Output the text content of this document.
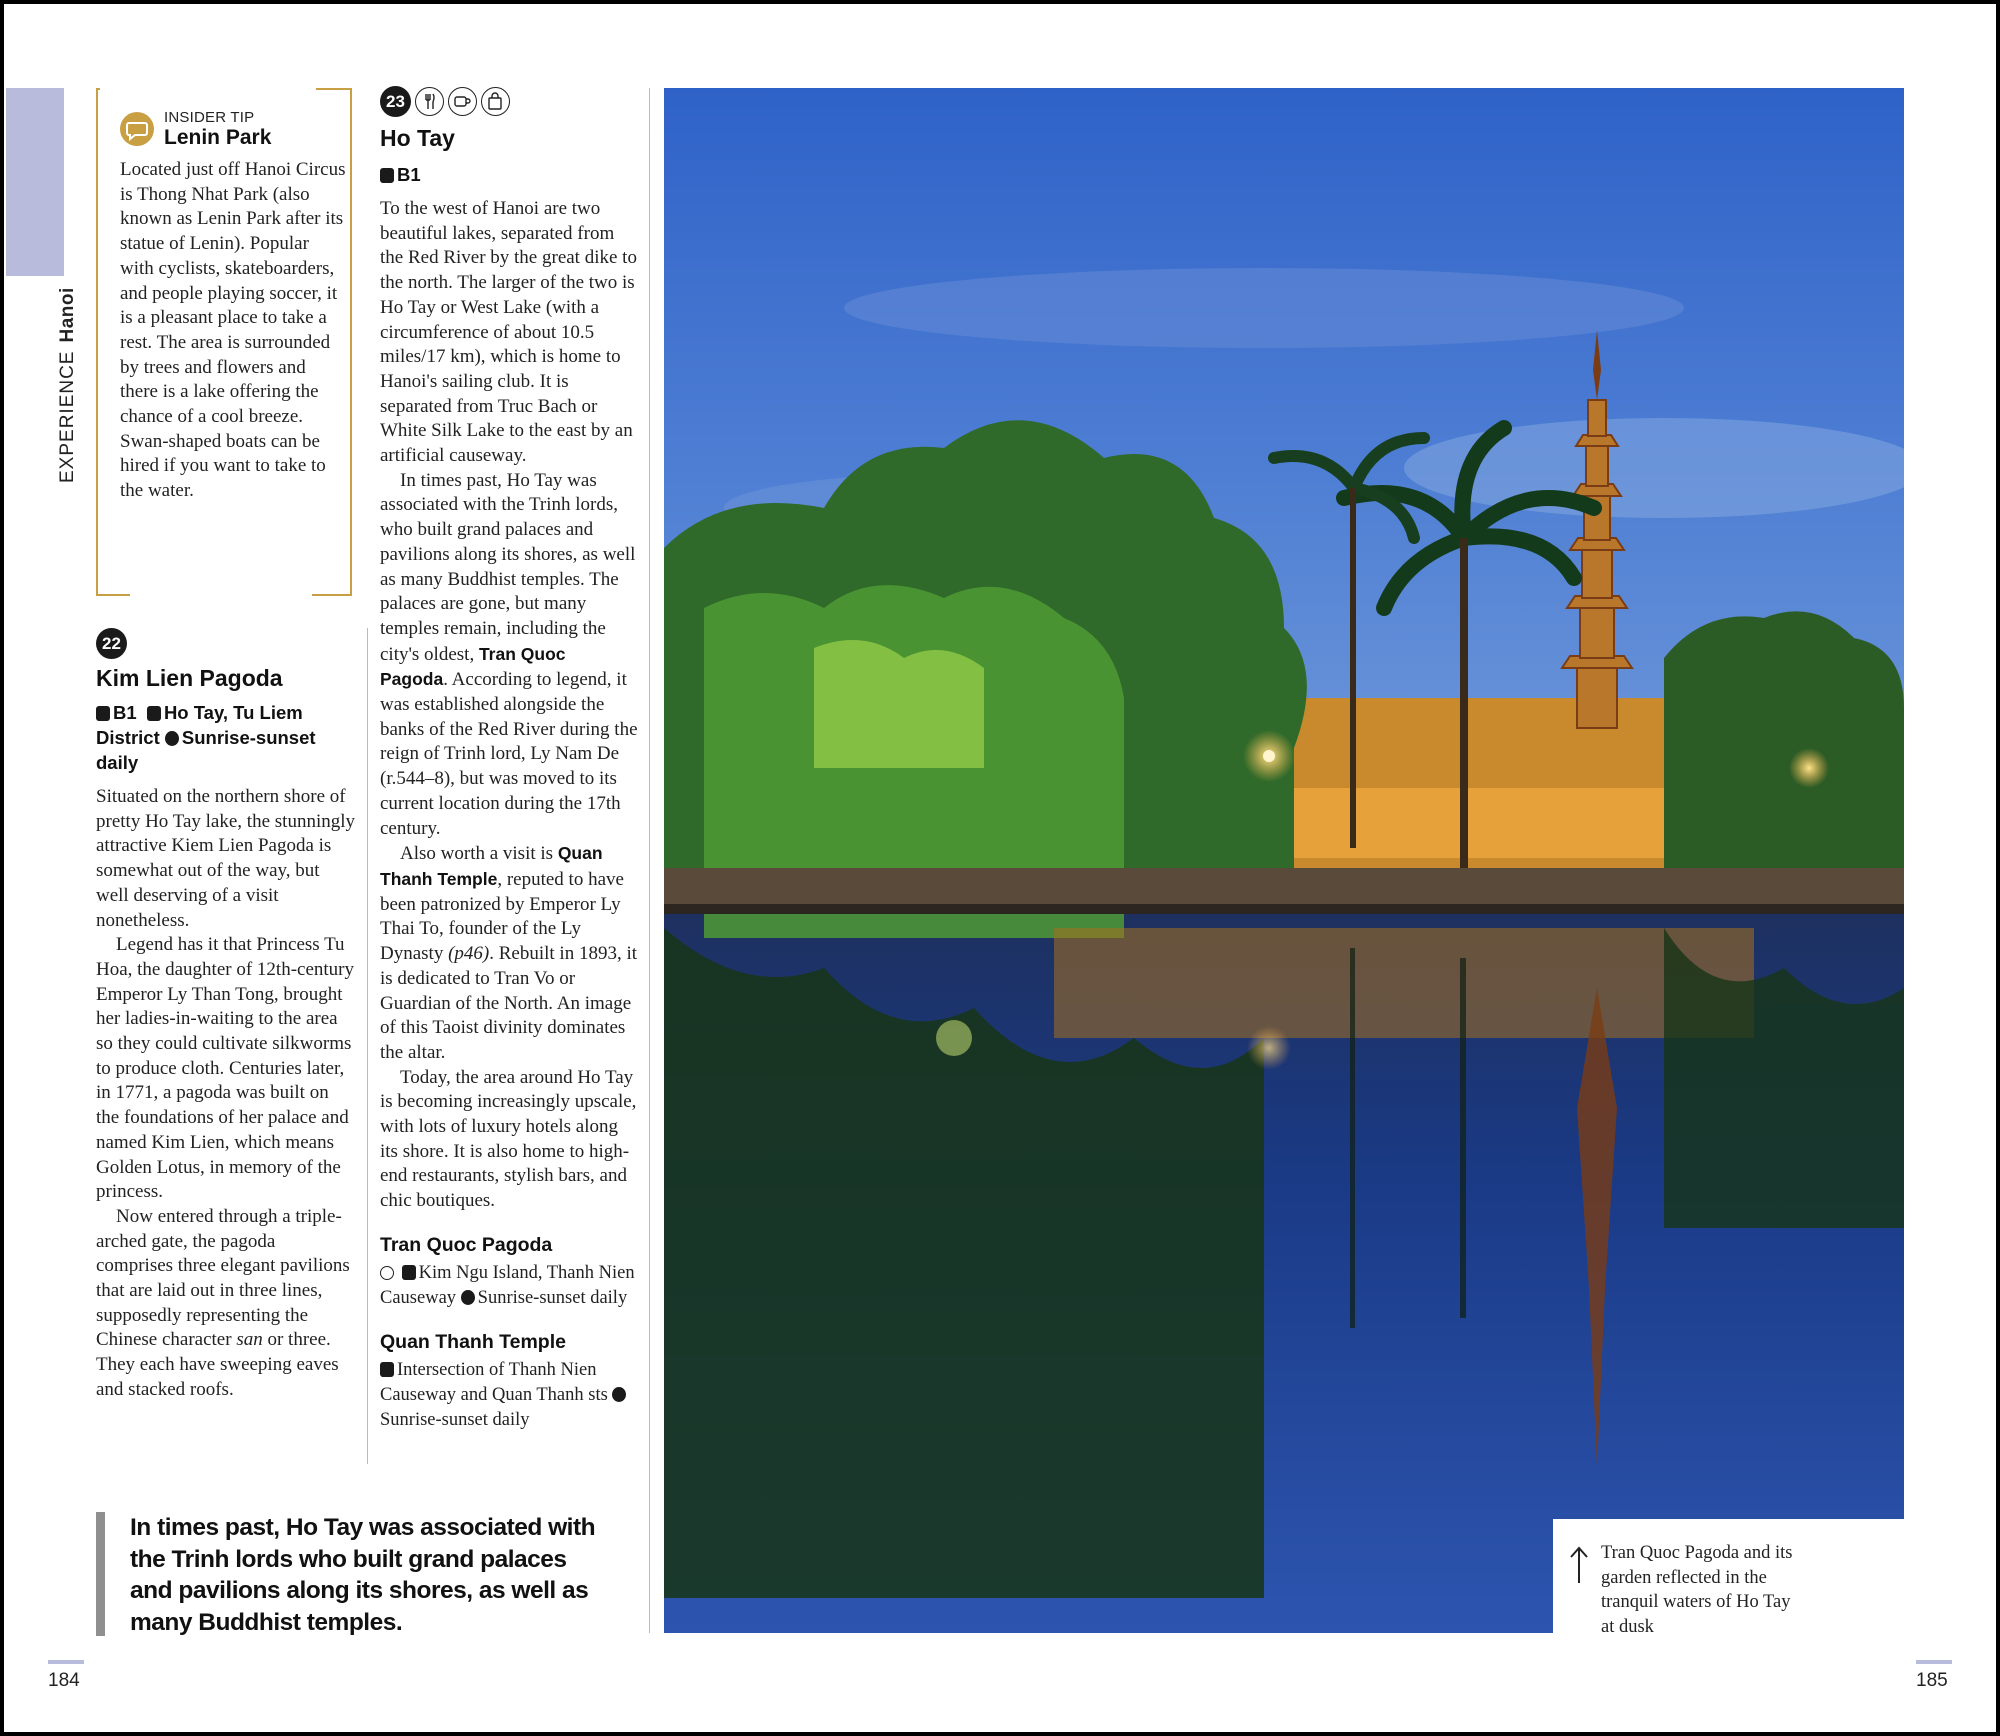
EXPERIENCEHanoi
INSIDER TIP
Lenin Park

Located just off Hanoi Circus is Thong Nhat Park (also known as Lenin Park after its statue of Lenin). Popular with cyclists, skateboarders, and people playing soccer, it is a pleasant place to take a rest. The area is surrounded by trees and flowers and there is a lake offering the chance of a cool breeze. Swan-shaped boats can be hired if you want to take to the water.

22
Kim Lien Pagoda

B1 Ho Tay, Tu Liem District Sunrise-sunset daily

Situated on the northern shore of pretty Ho Tay lake, the stunningly attractive Kiem Lien Pagoda is somewhat out of the way, but well deserving of a visit nonetheless.

Legend has it that Princess Tu Hoa, the daughter of 12th-century Emperor Ly Than Tong, brought her ladies-in-waiting to the area so they could cultivate silkworms to produce cloth. Centuries later, in 1771, a pagoda was built on the foundations of her palace and named Kim Lien, which means Golden Lotus, in memory of the princess.

Now entered through a triple-arched gate, the pagoda comprises three elegant pavilions that are laid out in three lines, supposedly representing the Chinese character san or three. They each have sweeping eaves and stacked roofs.

23
Ho Tay

B1

To the west of Hanoi are two beautiful lakes, separated from the Red River by the great dike to the north. The larger of the two is Ho Tay or West Lake (with a circumference of about 10.5 miles/17 km), which is home to Hanoi's sailing club. It is separated from Truc Bach or White Silk Lake to the east by an artificial causeway.

In times past, Ho Tay was associated with the Trinh lords, who built grand palaces and pavilions along its shores, as well as many Buddhist temples. The palaces are gone, but many temples remain, including the city's oldest, Tran Quoc Pagoda. According to legend, it was established alongside the banks of the Red River during the reign of Trinh lord, Ly Nam De (r.544–8), but was moved to its current location during the 17th century.

Also worth a visit is Quan Thanh Temple, reputed to have been patronized by Emperor Ly Thai To, founder of the Ly Dynasty (p46). Rebuilt in 1893, it is dedicated to Tran Vo or Guardian of the North. An image of this Taoist divinity dominates the altar.

Today, the area around Ho Tay is becoming increasingly upscale, with lots of luxury hotels along its shore. It is also home to high-end restaurants, stylish bars, and chic boutiques.

Tran Quoc Pagoda

Kim Ngu Island, Thanh Nien Causeway Sunrise-sunset daily

Quan Thanh Temple

Intersection of Thanh Nien Causeway and Quan Thanh sts Sunrise-sunset daily

In times past, Ho Tay was associated with the Trinh lords who built grand palaces and pavilions along its shores, as well as many Buddhist temples.

Tran Quoc Pagoda and its garden reflected in the tranquil waters of Ho Tay at dusk

184	185
